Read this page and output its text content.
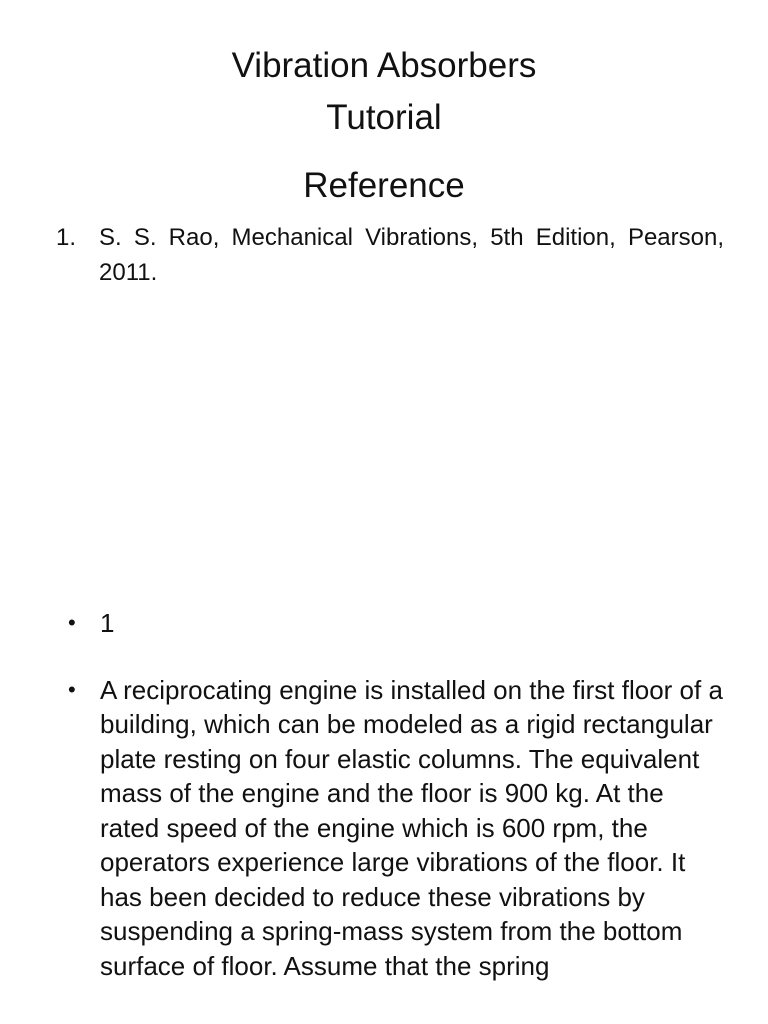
Vibration Absorbers
Tutorial
Reference
1. S. S. Rao, Mechanical Vibrations, 5th Edition, Pearson, 2011.
• 1
• A reciprocating engine is installed on the first floor of a building, which can be modeled as a rigid rectangular plate resting on four elastic columns. The equivalent mass of the engine and the floor is 900 kg. At the rated speed of the engine which is 600 rpm, the operators experience large vibrations of the floor. It has been decided to reduce these vibrations by suspending a spring-mass system from the bottom surface of floor. Assume that the spring
